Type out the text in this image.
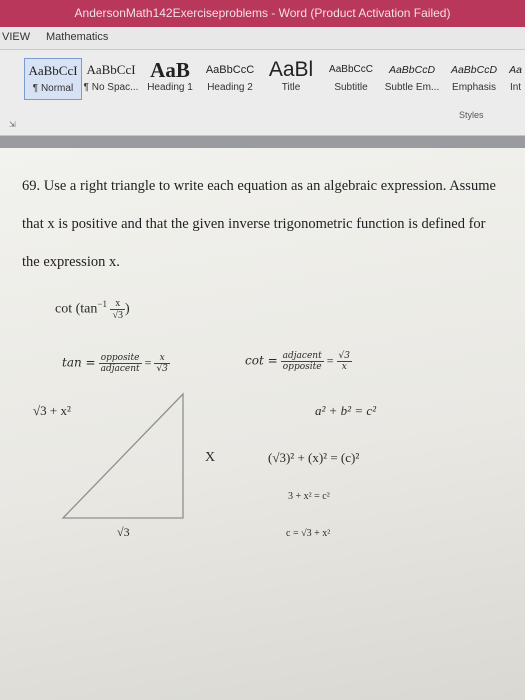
AndersonMath142Exerciseproblems - Word (Product Activation Failed)
VIEW Mathematics
AaBbCcI
¶ Normal
AaBbCcI
¶ No Spac...
AaB
Heading 1
AaBbCcC
Heading 2
AaBl
Title
AaBbCcC
Subtitle
AaBbCcD
Subtle Em...
AaBbCcD
Emphasis
Aa
Int
Styles
⇲
69. Use a right triangle to write each equation as an algebraic expression. Assume
that x is positive and that the given inverse trigonometric function is defined for
the expression x.
$\cot (\tan^{-1} \frac{x}{√3}$ )
$\tan = \frac{\text{opposite}}{\text{adjacent}} = \frac{x}{√3}$	$\cot = \frac{\text{adjacent}}{\text{opposite}} = \frac{√3}{x}$
√3 + x²
X
√3
a² + b² = c²
(√3)² + (x)² = (c)²
3 + x² = c²
c = √3 + x²
